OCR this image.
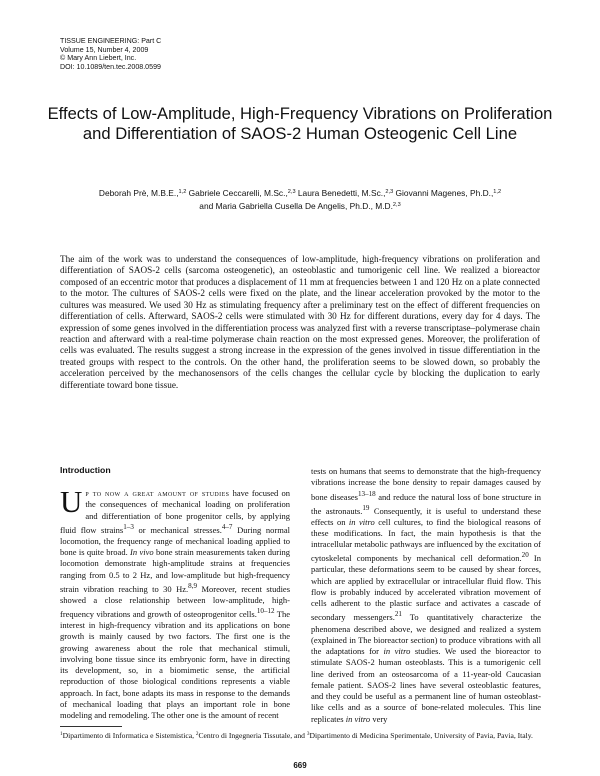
TISSUE ENGINEERING: Part C
Volume 15, Number 4, 2009
© Mary Ann Liebert, Inc.
DOI: 10.1089/ten.tec.2008.0599
Effects of Low-Amplitude, High-Frequency Vibrations on Proliferation and Differentiation of SAOS-2 Human Osteogenic Cell Line
Deborah Prè, M.B.E.,$^{1,2}$ Gabriele Ceccarelli, M.Sc.,$^{2,3}$ Laura Benedetti, M.Sc.,$^{2,3}$ Giovanni Magenes, Ph.D.,$^{1,2}$
and Maria Gabriella Cusella De Angelis, Ph.D., M.D.$^{2,3}$
The aim of the work was to understand the consequences of low-amplitude, high-frequency vibrations on proliferation and differentiation of SAOS-2 cells (sarcoma osteogenetic), an osteoblastic and tumorigenic cell line. We realized a bioreactor composed of an eccentric motor that produces a displacement of 11 mm at frequencies between 1 and 120 Hz on a plate connected to the motor. The cultures of SAOS-2 cells were fixed on the plate, and the linear acceleration provoked by the motor to the cultures was measured. We used 30 Hz as stimulating frequency after a preliminary test on the effect of different frequencies on differentiation of cells. Afterward, SAOS-2 cells were stimulated with 30 Hz for different durations, every day for 4 days. The expression of some genes involved in the differentiation process was analyzed first with a reverse transcriptase–polymerase chain reaction and afterward with a real-time polymerase chain reaction on the most expressed genes. Moreover, the proliferation of cells was evaluated. The results suggest a strong increase in the expression of the genes involved in tissue differentiation in the treated groups with respect to the controls. On the other hand, the proliferation seems to be slowed down, so probably the acceleration perceived by the mechanosensors of the cells changes the cellular cycle by blocking the duplication to early differentiate toward bone tissue.
Introduction
Up to now a great amount of studies have focused on the consequences of mechanical loading on proliferation and differentiation of bone progenitor cells, by applying fluid flow strains$^{1-3}$ or mechanical stresses.$^{4-7}$ During normal locomotion, the frequency range of mechanical loading applied to bone is quite broad. In vivo bone strain measurements taken during locomotion demonstrate high-amplitude strains at frequencies ranging from 0.5 to 2 Hz, and low-amplitude but high-frequency strain vibration reaching to 30 Hz.$^{8,9}$ Moreover, recent studies showed a close relationship between low-amplitude, high-frequency vibrations and growth of osteoprogenitor cells.$^{10-12}$ The interest in high-frequency vibration and its applications on bone growth is mainly caused by two factors. The first one is the growing awareness about the role that mechanical stimuli, involving bone tissue since its embryonic form, have in directing its development, so, in a biomimetic sense, the artificial reproduction of those biological conditions represents a viable approach. In fact, bone adapts its mass in response to the demands of mechanical loading that plays an important role in bone modeling and remodeling. The other one is the amount of recent
tests on humans that seems to demonstrate that the high-frequency vibrations increase the bone density to repair damages caused by bone diseases$^{13-18}$ and reduce the natural loss of bone structure in the astronauts.$^{19}$ Consequently, it is useful to understand these effects on in vitro cell cultures, to find the biological reasons of these modifications. In fact, the main hypothesis is that the intracellular metabolic pathways are influenced by the excitation of cytoskeletal components by mechanical cell deformation.$^{20}$ In particular, these deformations seem to be caused by shear forces, which are applied by extracellular or intracellular fluid flow. This flow is probably induced by accelerated vibration movement of cells adherent to the plastic surface and activates a cascade of secondary messengers.$^{21}$ To quantitatively characterize the phenomena described above, we designed and realized a system (explained in The bioreactor section) to produce vibrations with all the adaptations for in vitro studies. We used the bioreactor to stimulate SAOS-2 human osteoblasts. This is a tumorigenic cell line derived from an osteosarcoma of a 11-year-old Caucasian female patient. SAOS-2 lines have several osteoblastic features, and they could be useful as a permanent line of human osteoblast-like cells and as a source of bone-related molecules. This line replicates in vitro very
$^1$Dipartimento di Informatica e Sistemistica, $^2$Centro di Ingegneria Tissutale, and $^3$Dipartimento di Medicina Sperimentale, University of Pavia, Pavia, Italy.
669
